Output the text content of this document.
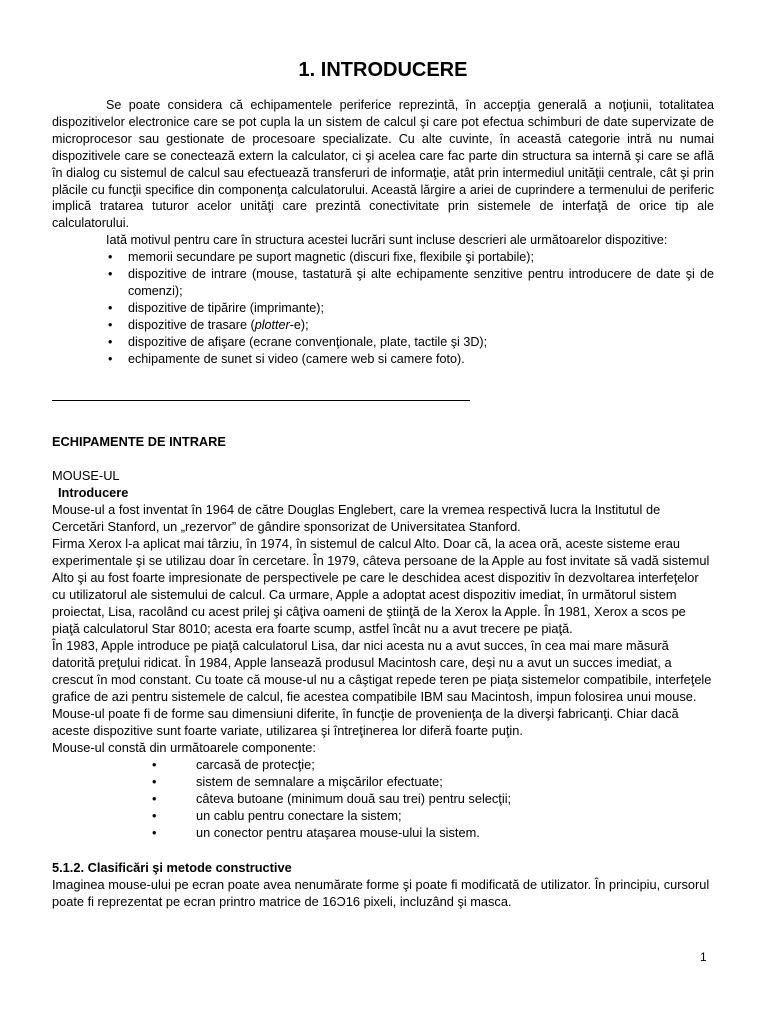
1. INTRODUCERE

Se poate considera că echipamentele periferice reprezintă, în accepţia generală a noţiunii, totalitatea dispozitivelor electronice care se pot cupla la un sistem de calcul şi care pot efectua schimburi de date supervizate de microprocesor sau gestionate de procesoare specializate. Cu alte cuvinte, în această categorie intră nu numai dispozitivele care se conectează extern la calculator, ci şi acelea care fac parte din structura sa internă şi care se află în dialog cu sistemul de calcul sau efectuează transferuri de informaţie, atât prin intermediul unităţii centrale, cât şi prin plăcile cu funcţii specifice din componenţa calculatorului. Această lărgire a ariei de cuprindere a termenului de periferic implică tratarea tuturor acelor unităţi care prezintă conectivitate prin sistemele de interfaţă de orice tip ale calculatorului.

Iată motivul pentru care în structura acestei lucrări sunt incluse descrieri ale următoarelor dispozitive:

• memorii secundare pe suport magnetic (discuri fixe, flexibile şi portabile);
• dispozitive de intrare (mouse, tastatură şi alte echipamente senzitive pentru introducere de date şi de comenzi);
• dispozitive de tipărire (imprimante);
• dispozitive de trasare (plotter-e);
• dispozitive de afişare (ecrane convenţionale, plate, tactile şi 3D);
• echipamente de sunet si video (camere web si camere foto).
ECHIPAMENTE DE INTRARE
MOUSE-UL
Introducere

Mouse-ul a fost inventat în 1964 de către Douglas Englebert, care la vremea respectivă lucra la Institutul de Cercetări Stanford, un „rezervor” de gândire sponsorizat de Universitatea Stanford.

Firma Xerox l-a aplicat mai târziu, în 1974, în sistemul de calcul Alto. Doar că, la acea oră, aceste sisteme erau experimentale şi se utilizau doar în cercetare. În 1979, câteva persoane de la Apple au fost invitate să vadă sistemul Alto şi au fost foarte impresionate de perspectivele pe care le deschidea acest dispozitiv în dezvoltarea interfeţelor cu utilizatorul ale sistemului de calcul. Ca urmare, Apple a adoptat acest dispozitiv imediat, în următorul sistem proiectat, Lisa, racolând cu acest prilej şi câţiva oameni de ştiinţă de la Xerox la Apple. În 1981, Xerox a scos pe piaţă calculatorul Star 8010; acesta era foarte scump, astfel încât nu a avut trecere pe piaţă.

În 1983, Apple introduce pe piaţă calculatorul Lisa, dar nici acesta nu a avut succes, în cea mai mare măsură datorită preţului ridicat. În 1984, Apple lansează produsul Macintosh care, deşi nu a avut un succes imediat, a crescut în mod constant. Cu toate că mouse-ul nu a câştigat repede teren pe piaţa sistemelor compatibile, interfeţele grafice de azi pentru sistemele de calcul, fie acestea compatibile IBM sau Macintosh, impun folosirea unui mouse. Mouse-ul poate fi de forme sau dimensiuni diferite, în funcţie de provenienţa de la diverşi fabricanţi. Chiar dacă aceste dispozitive sunt foarte variate, utilizarea şi întreţinerea lor diferă foarte puţin.

Mouse-ul constă din următoarele componente:

•	carcasă de protecţie;
•	sistem de semnalare a mişcărilor efectuate;
•	câteva butoane (minimum două sau trei) pentru selecţii;
•	un cablu pentru conectare la sistem;
•	un conector pentru ataşarea mouse-ului la sistem.
5.1.2. Clasificări şi metode constructive

Imaginea mouse-ului pe ecran poate avea nenumărate forme şi poate fi modificată de utilizator. În principiu, cursorul poate fi reprezentat pe ecran printro matrice de 16Ɔ16 pixeli, incluzând şi masca.

1
